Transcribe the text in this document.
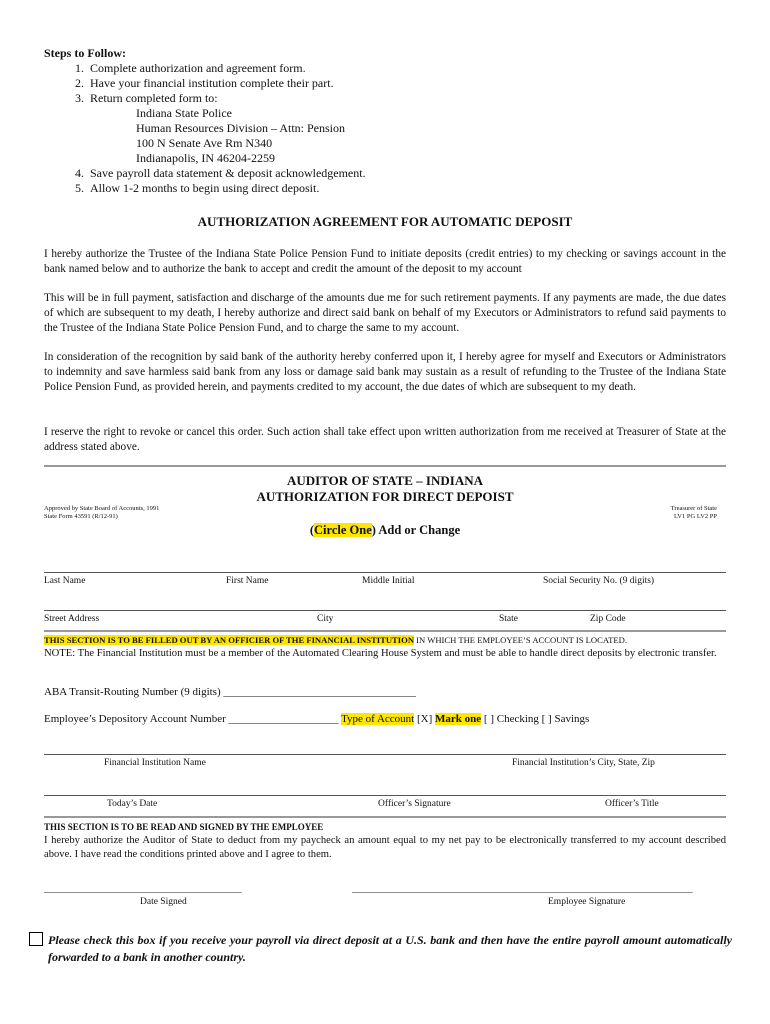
Steps to Follow:
1. Complete authorization and agreement form.
2. Have your financial institution complete their part.
3. Return completed form to:
Indiana State Police
Human Resources Division – Attn: Pension
100 N Senate Ave Rm N340
Indianapolis, IN 46204-2259
4. Save payroll data statement & deposit acknowledgement.
5. Allow 1-2 months to begin using direct deposit.
AUTHORIZATION AGREEMENT FOR AUTOMATIC DEPOSIT
I hereby authorize the Trustee of the Indiana State Police Pension Fund to initiate deposits (credit entries) to my checking or savings account in the bank named below and to authorize the bank to accept and credit the amount of the deposit to my account
This will be in full payment, satisfaction and discharge of the amounts due me for such retirement payments. If any payments are made, the due dates of which are subsequent to my death, I hereby authorize and direct said bank on behalf of my Executors or Administrators to refund said payments to the Trustee of the Indiana State Police Pension Fund, and to charge the same to my account.
In consideration of the recognition by said bank of the authority hereby conferred upon it, I hereby agree for myself and Executors or Administrators to indemnity and save harmless said bank from any loss or damage said bank may sustain as a result of refunding to the Trustee of the Indiana State Police Pension Fund, as provided herein, and payments credited to my account, the due dates of which are subsequent to my death.
I reserve the right to revoke or cancel this order. Such action shall take effect upon written authorization from me received at Treasurer of State at the address stated above.
AUDITOR OF STATE – INDIANA
AUTHORIZATION FOR DIRECT DEPOIST
Approved by State Board of Accounts, 1991
State Form 43591 (R/12-91)
Treasurer of State
LV1 PG LV2 PP
(Circle One) Add or Change
Last Name	First Name	Middle Initial	Social Security No. (9 digits)
Street Address	City	State	Zip Code
THIS SECTION IS TO BE FILLED OUT BY AN OFFICIER OF THE FINANCIAL INSTITUTION IN WHICH THE EMPLOYEE’S ACCOUNT IS LOCATED.
NOTE: The Financial Institution must be a member of the Automated Clearing House System and must be able to handle direct deposits by electronic transfer.
ABA Transit-Routing Number (9 digits) ___________________________________
Employee’s Depository Account Number ____________________ Type of Account [X] Mark one [ ] Checking [ ] Savings
Financial Institution Name	Financial Institution’s City, State, Zip
Today’s Date	Officer’s Signature	Officer’s Title
THIS SECTION IS TO BE READ AND SIGNED BY THE EMPLOYEE
I hereby authorize the Auditor of State to deduct from my paycheck an amount equal to my net pay to be electronically transferred to my account described above. I have read the conditions printed above and I agree to them.
_______________________________________________	_________________________________________________________________________________
Date Signed	Employee Signature
Please check this box if you receive your payroll via direct deposit at a U.S. bank and then have the entire payroll amount automatically forwarded to a bank in another country.
